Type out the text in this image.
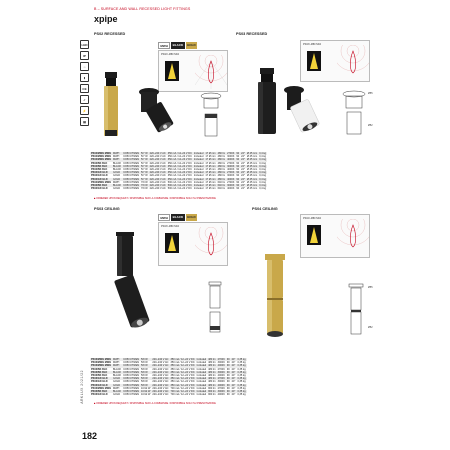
B – SURFACE AND WALL RECESSED LIGHT FITTINGS
xpipe
LED
IP
☼
Ⅱ
CE
✓
⚡
▤
PS02 RECESSED
MWH	BLACK	GOLD
PS02 LM80 ND4
PS03 RECESSED
PS03 LM80 ND4
Ø55
Ø52
PS02/MWH MWH	MWH	COB CITIZEN	5/7 W	220–240 V AC	350 mA / 12–24 V DC	Included	17 Ø mm	480 lm	2700K	90	24°	Ø 45 mm	0,4 kg
PS02/MWH MWH	MWH	COB CITIZEN	5/7 W	220–240 V AC	350 mA / 12–24 V DC	Included	17 Ø mm	480 lm	3000K	90	24°	Ø 45 mm	0,4 kg
PS02/MWH MWH	MWH	COB CITIZEN	5/7 W	220–240 V AC	350 mA / 12–24 V DC	Included	17 Ø mm	480 lm	4000K	90	24°	Ø 45 mm	0,4 kg
PS02/BK BLK	BLACK	COB CITIZEN	5/7 W	220–240 V AC	350 mA / 12–24 V DC	Included	17 Ø mm	480 lm	2700K	90	24°	Ø 45 mm	0,4 kg
PS02/BK BLK	BLACK	COB CITIZEN	5/7 W	220–240 V AC	350 mA / 12–24 V DC	Included	17 Ø mm	480 lm	3000K	90	24°	Ø 45 mm	0,4 kg
PS02/BK BLK	BLACK	COB CITIZEN	5/7 W	220–240 V AC	350 mA / 12–24 V DC	Included	17 Ø mm	480 lm	4000K	90	24°	Ø 45 mm	0,4 kg
PS02/GD GLD	GOLD	COB CITIZEN	5/7 W	220–240 V AC	350 mA / 12–24 V DC	Included	17 Ø mm	480 lm	2700K	90	24°	Ø 45 mm	0,4 kg
PS02/GD GLD	GOLD	COB CITIZEN	5/7 W	220–240 V AC	350 mA / 12–24 V DC	Included	17 Ø mm	480 lm	3000K	90	24°	Ø 45 mm	0,4 kg
PS02/GD GLD	GOLD	COB CITIZEN	5/7 W	220–240 V AC	350 mA / 12–24 V DC	Included	17 Ø mm	480 lm	4000K	90	24°	Ø 45 mm	0,4 kg
PS02/MWH MWH	MWH	COB CITIZEN	7/9 W	220–240 V AC	500 mA / 12–24 V DC	Included	17 Ø mm	640 lm	2700K	90	24°	Ø 45 mm	0,4 kg
PS02/BK BLK	BLACK	COB CITIZEN	7/9 W	220–240 V AC	500 mA / 12–24 V DC	Included	17 Ø mm	640 lm	3000K	90	24°	Ø 45 mm	0,4 kg
PS02/GD GLD	GOLD	COB CITIZEN	7/9 W	220–240 V AC	500 mA / 12–24 V DC	Included	17 Ø mm	640 lm	4000K	90	24°	Ø 45 mm	0,4 kg
■ ORDERED UPON REQUEST / DISPONIBLE SUR LA COMMANDE / DISPONIBILE SOLO SU PRENOTAZIONE
PS03 CEILING
MWH	BLACK	GOLD
PS03 LM80 ND4
PS04 CEILING
PS04 LM80 ND4
Ø55
Ø52
PS03/MWH MWH	MWH	COB CITIZEN	5/8 W	220–240 V AC	350 mA / 12–24 V DC	Included	480 lm	2700K	90	24°	0,35 kg
PS03/MWH MWH	MWH	COB CITIZEN	5/8 W	220–240 V AC	350 mA / 12–24 V DC	Included	480 lm	3000K	90	24°	0,35 kg
PS03/MWH MWH	MWH	COB CITIZEN	5/8 W	220–240 V AC	350 mA / 12–24 V DC	Included	480 lm	4000K	90	24°	0,35 kg
PS03/BK BLK	BLACK	COB CITIZEN	5/8 W	220–240 V AC	350 mA / 12–24 V DC	Included	480 lm	2700K	90	24°	0,35 kg
PS03/BK BLK	BLACK	COB CITIZEN	5/8 W	220–240 V AC	350 mA / 12–24 V DC	Included	480 lm	3000K	90	24°	0,35 kg
PS03/BK BLK	BLACK	COB CITIZEN	5/8 W	220–240 V AC	350 mA / 12–24 V DC	Included	480 lm	4000K	90	24°	0,35 kg
PS03/GD GLD	GOLD	COB CITIZEN	5/8 W	220–240 V AC	350 mA / 12–24 V DC	Included	480 lm	2700K	90	24°	0,35 kg
PS03/GD GLD	GOLD	COB CITIZEN	5/8 W	220–240 V AC	350 mA / 12–24 V DC	Included	480 lm	3000K	90	24°	0,35 kg
PS03/GD GLD	GOLD	COB CITIZEN	5/8 W	220–240 V AC	350 mA / 12–24 V DC	Included	480 lm	4000K	90	24°	0,35 kg
PS03/MWH MWH	MWH	COB CITIZEN	10/12 W	220–240 V AC	700 mA / 12–24 V DC	Included	960 lm	2700K	90	24°	0,35 kg
PS03/BK BLK	BLACK	COB CITIZEN	10/12 W	220–240 V AC	700 mA / 12–24 V DC	Included	960 lm	3000K	90	24°	0,35 kg
PS03/GD GLD	GOLD	COB CITIZEN	10/12 W	220–240 V AC	700 mA / 12–24 V DC	Included	960 lm	4000K	90	24°	0,35 kg
■ ORDERED UPON REQUEST / DISPONIBLE SUR LA COMMANDE / DISPONIBILE SOLO SU PRENOTAZIONE
ARKLUX 2021/22
182
